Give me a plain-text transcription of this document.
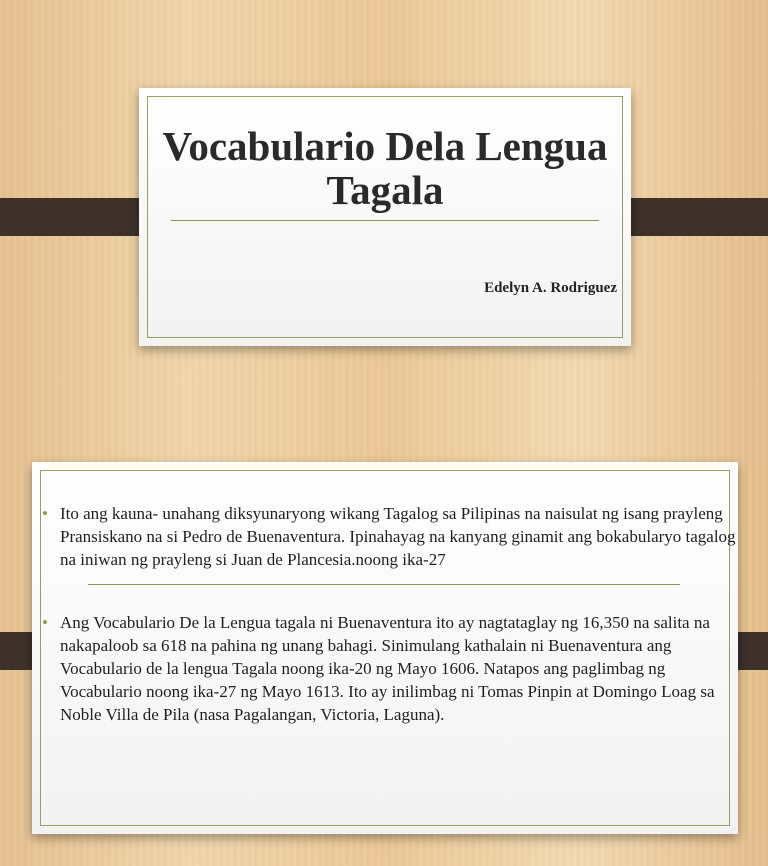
Vocabulario Dela Lengua
Tagala
Edelyn A. Rodriguez
• Ito ang kauna- unahang diksyunaryong wikang Tagalog sa Pilipinas na naisulat ng isang prayleng Pransiskano na si Pedro de Buenaventura. Ipinahayag na kanyang ginamit ang bokabularyo tagalog na iniwan ng prayleng si Juan de Plancesia.noong ika-27
• Ang Vocabulario De la Lengua tagala ni Buenaventura ito ay nagtataglay ng 16,350 na salita na nakapaloob sa 618 na pahina ng unang bahagi. Sinimulang kathalain ni Buenaventura ang Vocabulario de la lengua Tagala noong ika-20 ng Mayo 1606. Natapos ang paglimbag ng Vocabulario noong ika-27 ng Mayo 1613. Ito ay inilimbag ni Tomas Pinpin at Domingo Loag sa Noble Villa de Pila (nasa Pagalangan, Victoria, Laguna).
